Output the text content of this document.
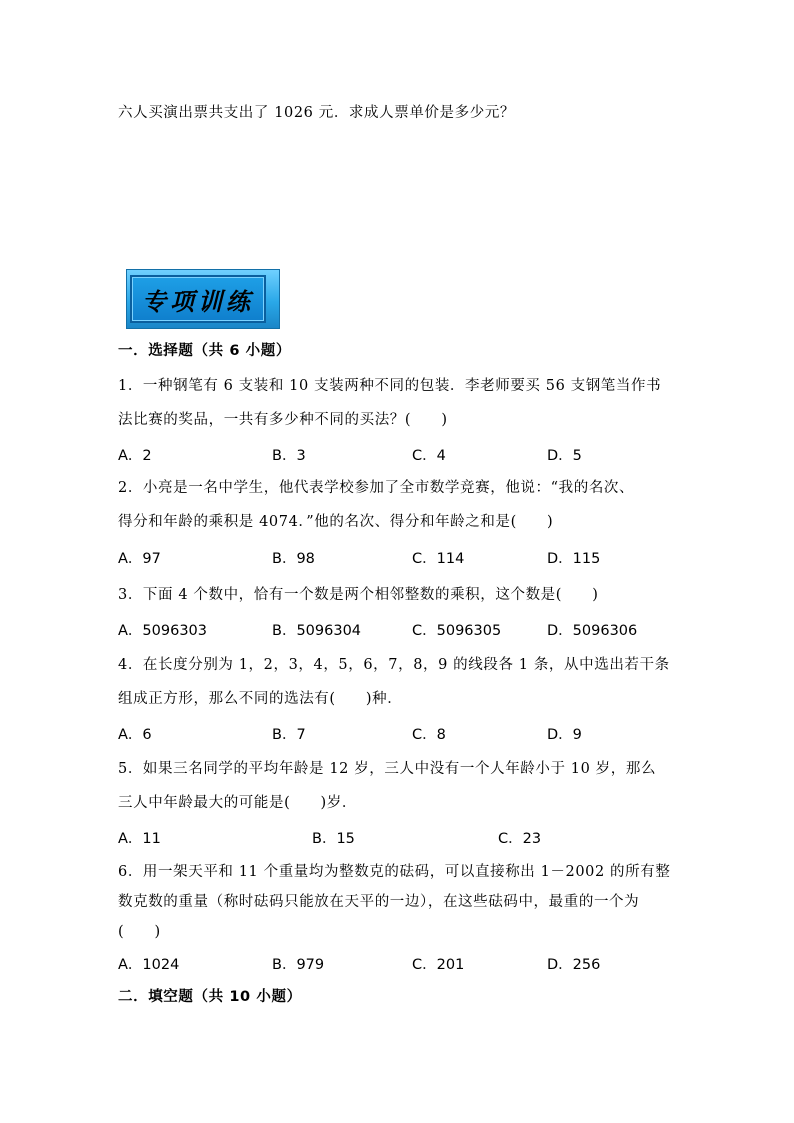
六人买演出票共支出了 1026 元．求成人票单价是多少元？
专项训练
一．选择题（共 6 小题）
1．一种钢笔有 6 支装和 10 支装两种不同的包装．李老师要买 56 支钢笔当作书
法比赛的奖品，一共有多少种不同的买法？(　　)
A．2	B．3	C．4	D．5
2．小亮是一名中学生，他代表学校参加了全市数学竞赛，他说：“我的名次、
得分和年龄的乘积是 4074．”他的名次、得分和年龄之和是(　　)
A．97	B．98	C．114	D．115
3．下面 4 个数中，恰有一个数是两个相邻整数的乘积，这个数是(　　)
A．5096303	B．5096304	C．5096305	D．5096306
4．在长度分别为 1，2，3，4，5，6，7，8，9 的线段各 1 条，从中选出若干条
组成正方形，那么不同的选法有(　　)种．
A．6	B．7	C．8	D．9
5．如果三名同学的平均年龄是 12 岁，三人中没有一个人年龄小于 10 岁，那么
三人中年龄最大的可能是(　　)岁．
A．11	B．15	C．23
6．用一架天平和 11 个重量均为整数克的砝码，可以直接称出 1－2002 的所有整
数克数的重量（称时砝码只能放在天平的一边），在这些砝码中，最重的一个为
(　　)
A．1024	B．979	C．201	D．256
二．填空题（共 10 小题）
